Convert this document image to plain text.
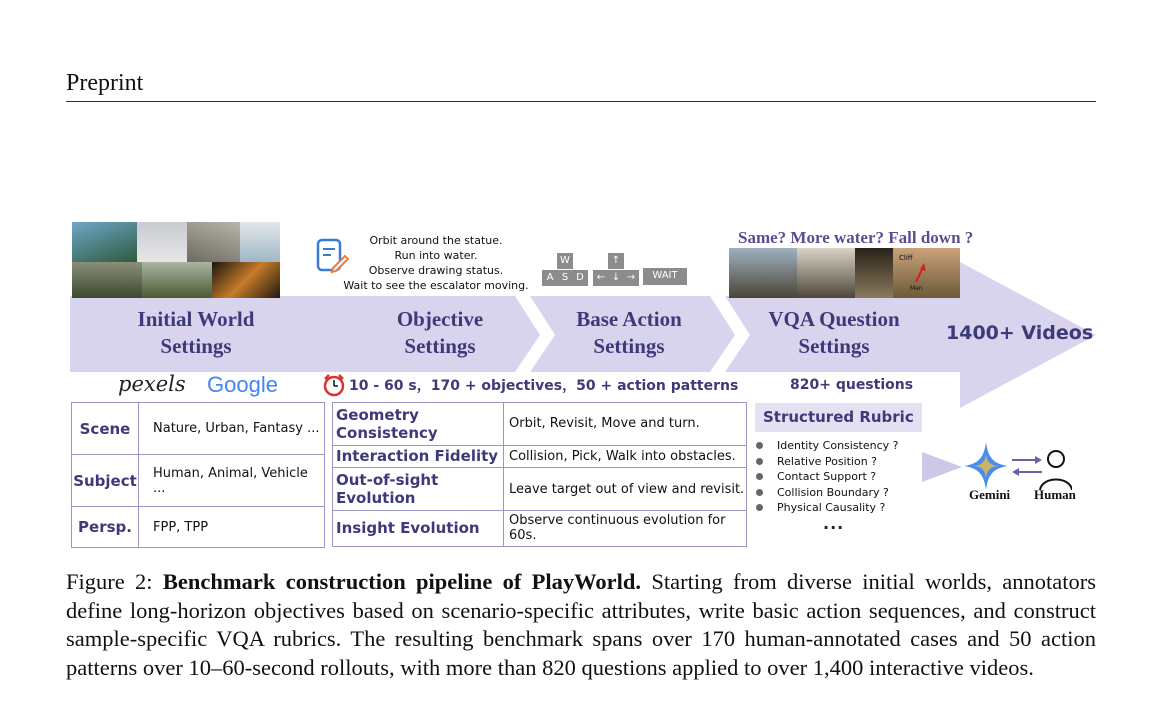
Preprint
Initial World
Settings
Objective
Settings
Base Action
Settings
VQA Question
Settings
1400+ Videos
pexels Google
Orbit around the statue.
Run into water.
Observe drawing status.
Wait to see the escalator moving.
W
A S D
↑
← ↓ →	WAIT
Same? More water? Fall down ?
Cliff
Man
10 - 60 s，170 + objectives，50 + action patterns	820+ questions
Scene	Nature, Urban, Fantasy ...
Subject	Human, Animal, Vehicle ...
Persp.	FPP, TPP
Geometry Consistency	Orbit, Revisit, Move and turn.
Interaction Fidelity	Collision, Pick, Walk into obstacles.
Out-of-sight Evolution	Leave target out of view and revisit.
Insight Evolution	Observe continuous evolution for 60s.
Structured Rubric
Identity Consistency ?
Relative Position ?
Contact Support ?
Collision Boundary ?
Physical Causality ?
...
Gemini Human
Figure 2: Benchmark construction pipeline of PlayWorld. Starting from diverse initial worlds, annotators define long-horizon objectives based on scenario-specific attributes, write basic action sequences, and construct sample-specific VQA rubrics. The resulting benchmark spans over 170 human-annotated cases and 50 action patterns over 10–60-second rollouts, with more than 820 questions applied to over 1,400 interactive videos.
